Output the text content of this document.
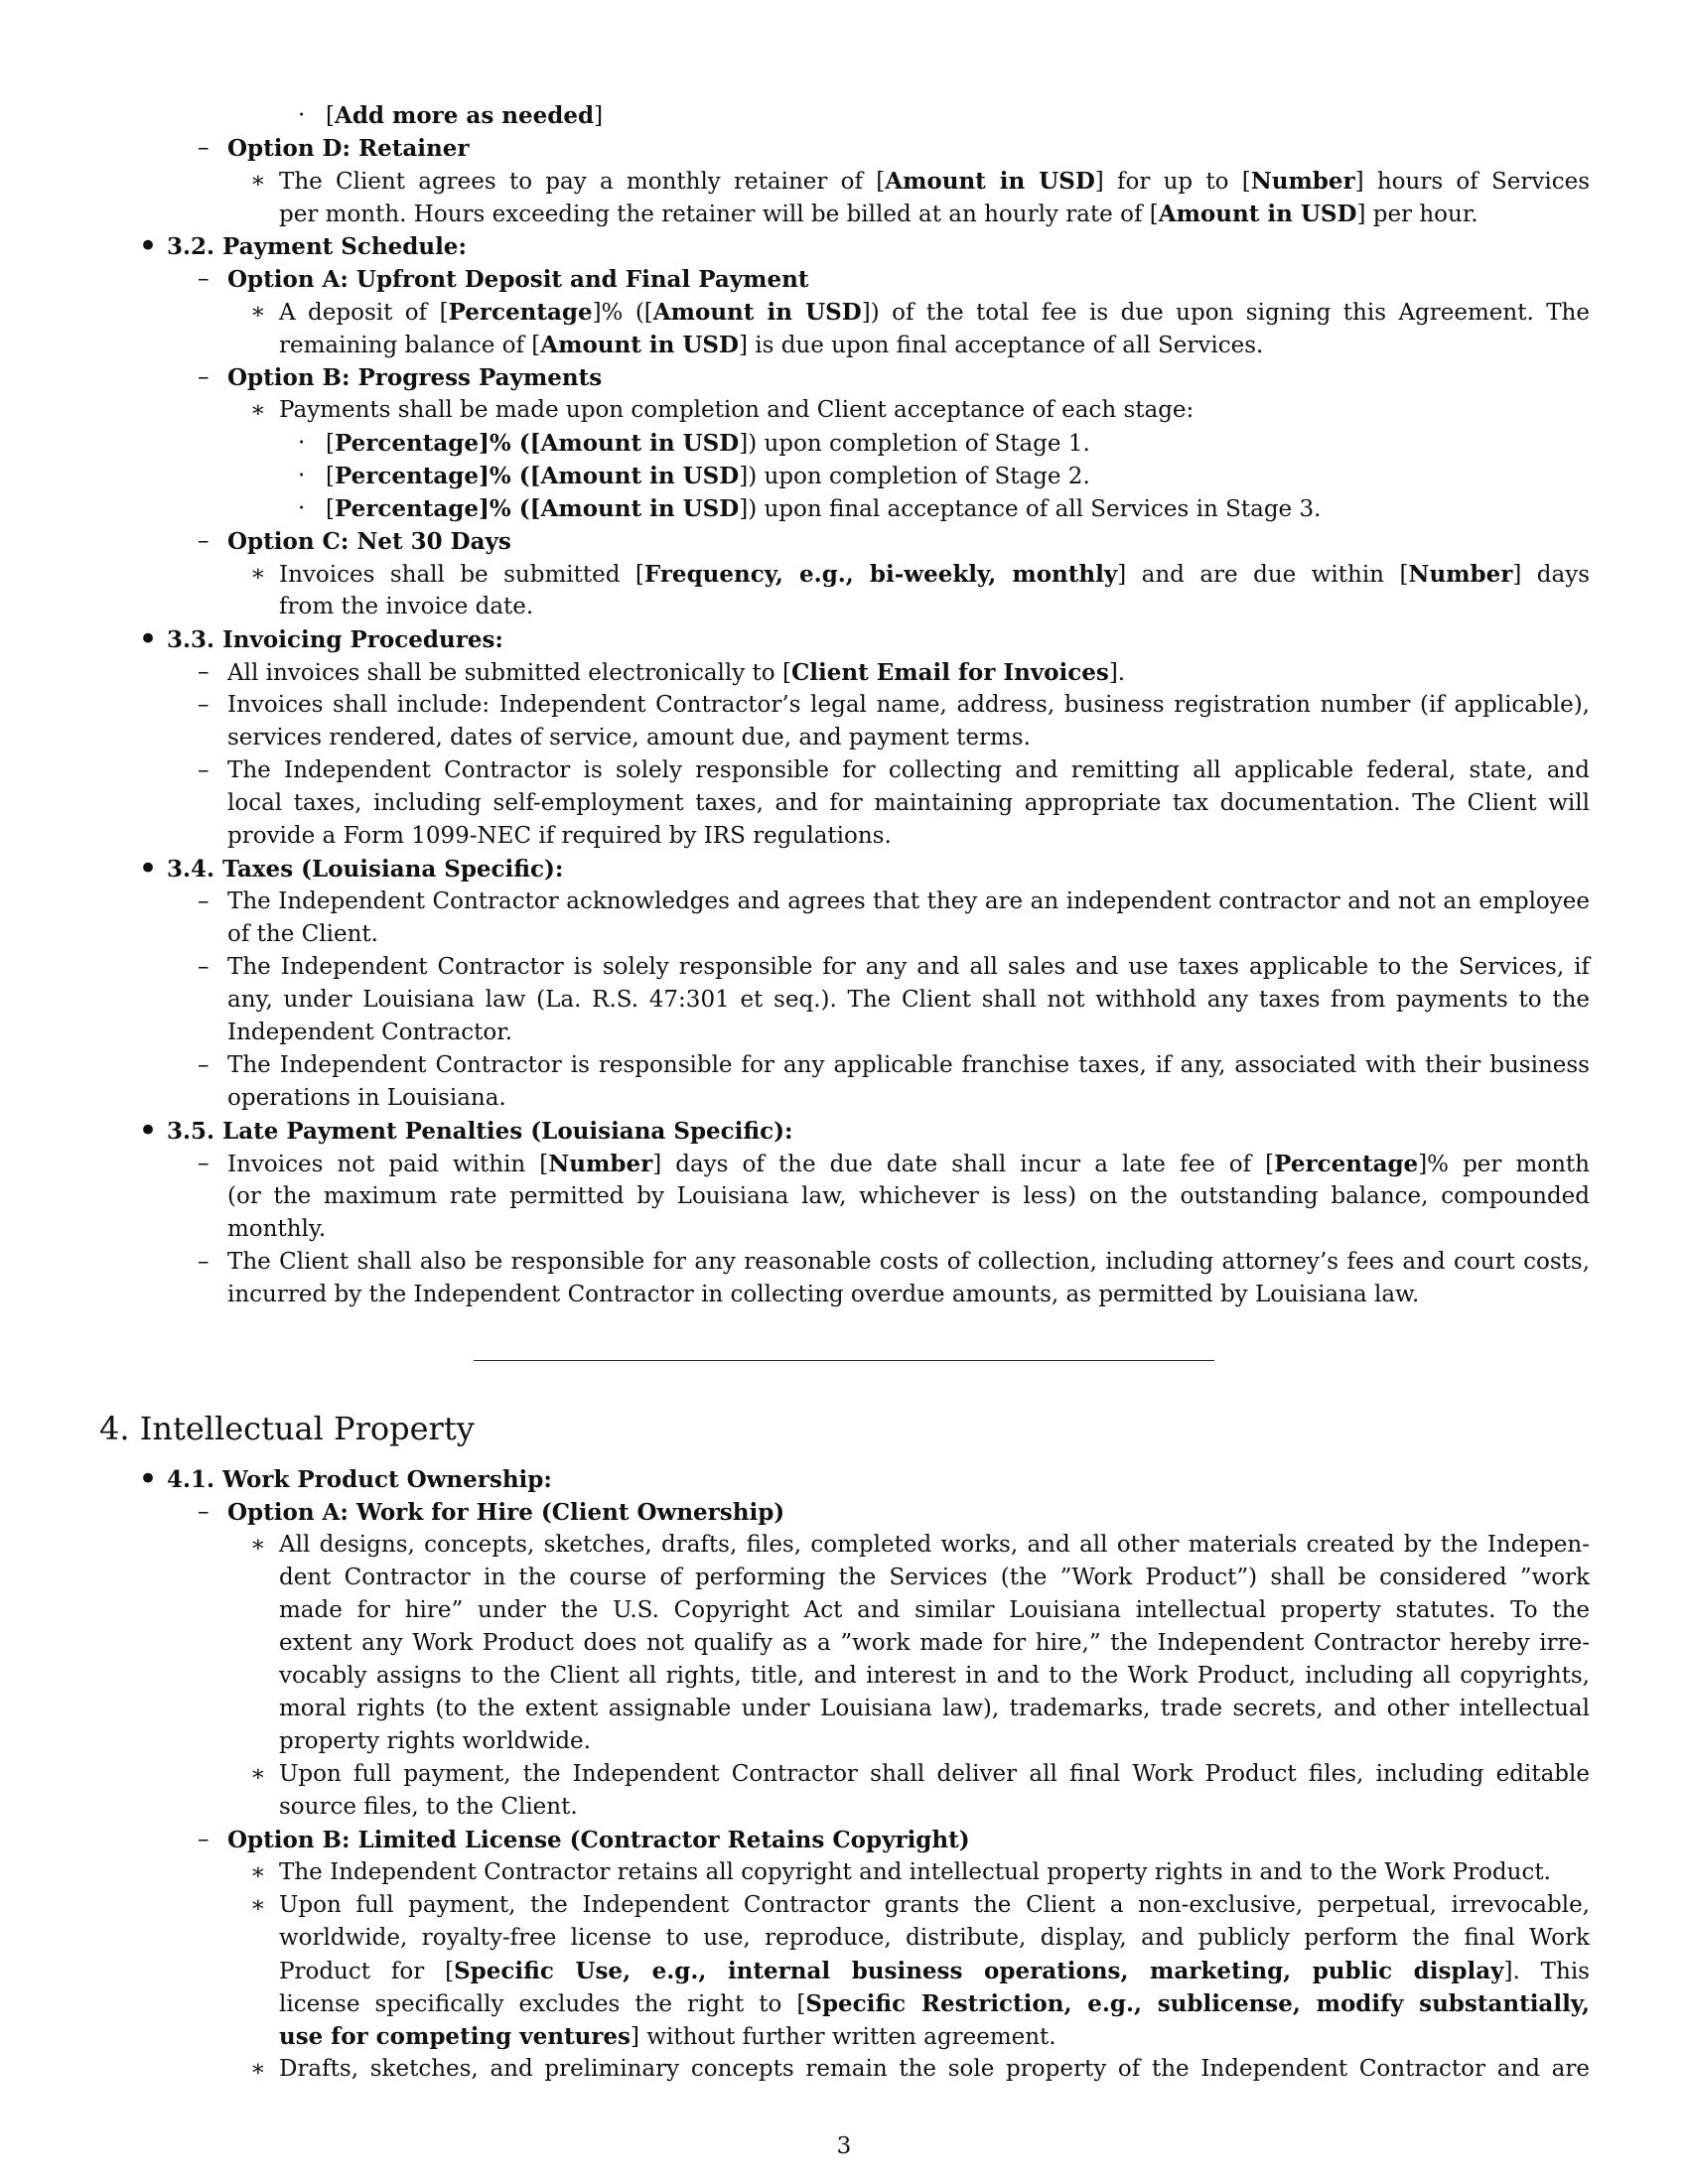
· [Add more as needed]
– Option D: Retainer
∗ The Client agrees to pay a monthly retainer of [Amount in USD] for up to [Number] hours of Services
per month. Hours exceeding the retainer will be billed at an hourly rate of [Amount in USD] per hour.
• 3.2. Payment Schedule:
– Option A: Upfront Deposit and Final Payment
∗ A deposit of [Percentage]% ([Amount in USD]) of the total fee is due upon signing this Agreement. The
remaining balance of [Amount in USD] is due upon final acceptance of all Services.
– Option B: Progress Payments
∗ Payments shall be made upon completion and Client acceptance of each stage:
· [Percentage]% ([Amount in USD]) upon completion of Stage 1.
· [Percentage]% ([Amount in USD]) upon completion of Stage 2.
· [Percentage]% ([Amount in USD]) upon final acceptance of all Services in Stage 3.
– Option C: Net 30 Days
∗ Invoices shall be submitted [Frequency, e.g., bi-weekly, monthly] and are due within [Number] days
from the invoice date.
• 3.3. Invoicing Procedures:
– All invoices shall be submitted electronically to [Client Email for Invoices].
– Invoices shall include: Independent Contractor’s legal name, address, business registration number (if applicable),
services rendered, dates of service, amount due, and payment terms.
– The Independent Contractor is solely responsible for collecting and remitting all applicable federal, state, and
local taxes, including self-employment taxes, and for maintaining appropriate tax documentation. The Client will
provide a Form 1099-NEC if required by IRS regulations.
• 3.4. Taxes (Louisiana Specific):
– The Independent Contractor acknowledges and agrees that they are an independent contractor and not an employee
of the Client.
– The Independent Contractor is solely responsible for any and all sales and use taxes applicable to the Services, if
any, under Louisiana law (La. R.S. 47:301 et seq.). The Client shall not withhold any taxes from payments to the
Independent Contractor.
– The Independent Contractor is responsible for any applicable franchise taxes, if any, associated with their business
operations in Louisiana.
• 3.5. Late Payment Penalties (Louisiana Specific):
– Invoices not paid within [Number] days of the due date shall incur a late fee of [Percentage]% per month
(or the maximum rate permitted by Louisiana law, whichever is less) on the outstanding balance, compounded
monthly.
– The Client shall also be responsible for any reasonable costs of collection, including attorney’s fees and court costs,
incurred by the Independent Contractor in collecting overdue amounts, as permitted by Louisiana law.
4. Intellectual Property
• 4.1. Work Product Ownership:
– Option A: Work for Hire (Client Ownership)
∗ All designs, concepts, sketches, drafts, files, completed works, and all other materials created by the Indepen-
dent Contractor in the course of performing the Services (the ”Work Product”) shall be considered ”work
made for hire” under the U.S. Copyright Act and similar Louisiana intellectual property statutes. To the
extent any Work Product does not qualify as a ”work made for hire,” the Independent Contractor hereby irre-
vocably assigns to the Client all rights, title, and interest in and to the Work Product, including all copyrights,
moral rights (to the extent assignable under Louisiana law), trademarks, trade secrets, and other intellectual
property rights worldwide.
∗ Upon full payment, the Independent Contractor shall deliver all final Work Product files, including editable
source files, to the Client.
– Option B: Limited License (Contractor Retains Copyright)
∗ The Independent Contractor retains all copyright and intellectual property rights in and to the Work Product.
∗ Upon full payment, the Independent Contractor grants the Client a non-exclusive, perpetual, irrevocable,
worldwide, royalty-free license to use, reproduce, distribute, display, and publicly perform the final Work
Product for [Specific Use, e.g., internal business operations, marketing, public display]. This
license specifically excludes the right to [Specific Restriction, e.g., sublicense, modify substantially,
use for competing ventures] without further written agreement.
∗ Drafts, sketches, and preliminary concepts remain the sole property of the Independent Contractor and are
3
